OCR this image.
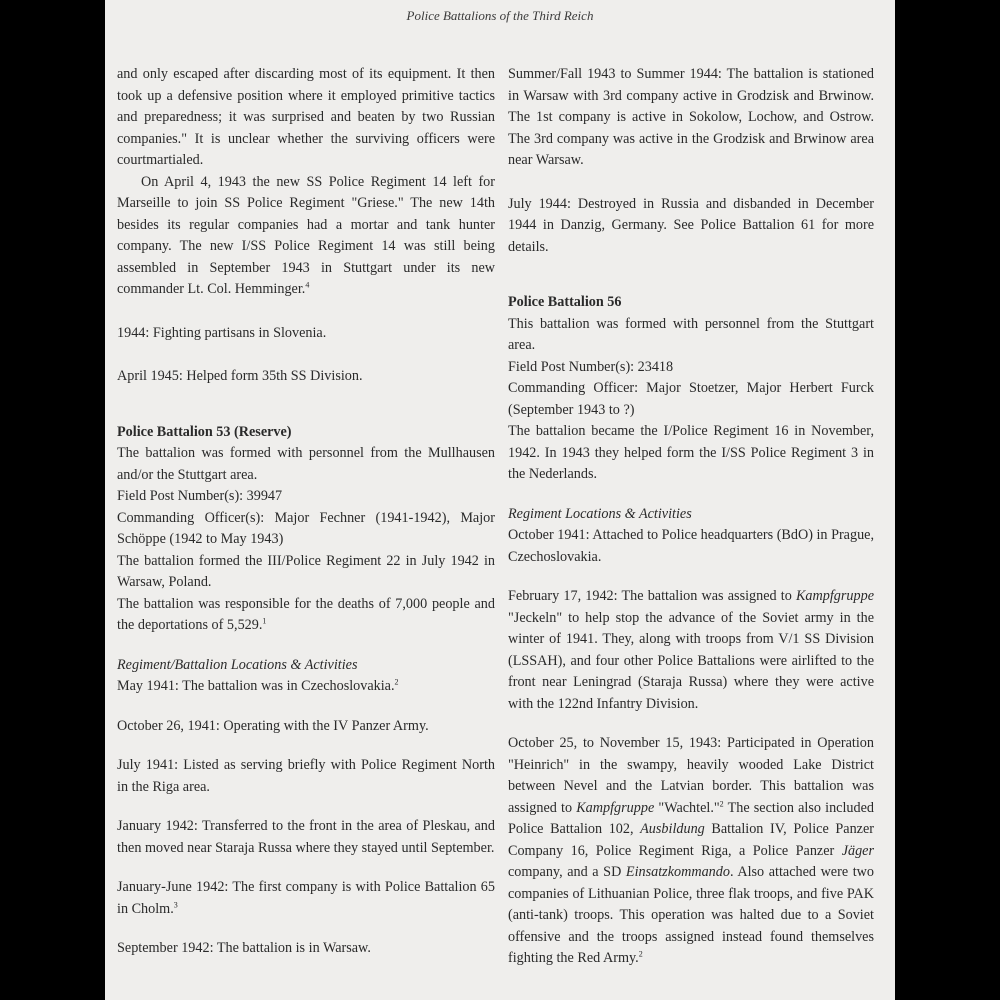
Police Battalions of the Third Reich

and only escaped after discarding most of its equipment. It then took up a defensive position where it employed primitive tactics and preparedness; it was surprised and beaten by two Russian companies." It is unclear whether the surviving officers were courtmartialed.

On April 4, 1943 the new SS Police Regiment 14 left for Marseille to join SS Police Regiment "Griese." The new 14th besides its regular companies had a mortar and tank hunter company. The new I/SS Police Regiment 14 was still being assembled in September 1943 in Stuttgart under its new commander Lt. Col. Hemminger.$^4$

1944: Fighting partisans in Slovenia.

April 1945: Helped form 35th SS Division.

Police Battalion 53 (Reserve)

The battalion was formed with personnel from the Mullhausen and/or the Stuttgart area.

Field Post Number(s): 39947

Commanding Officer(s): Major Fechner (1941-1942), Major Schöppe (1942 to May 1943)

The battalion formed the III/Police Regiment 22 in July 1942 in Warsaw, Poland.

The battalion was responsible for the deaths of 7,000 people and the deportations of 5,529.$^1$

Regiment/Battalion Locations & Activities

May 1941: The battalion was in Czechoslovakia.$^2$

October 26, 1941: Operating with the IV Panzer Army.

July 1941: Listed as serving briefly with Police Regiment North in the Riga area.

January 1942: Transferred to the front in the area of Pleskau, and then moved near Staraja Russa where they stayed until September.

January-June 1942: The first company is with Police Battalion 65 in Cholm.$^3$

September 1942: The battalion is in Warsaw.

Summer/Fall 1943 to Summer 1944: The battalion is stationed in Warsaw with 3rd company active in Grodzisk and Brwinow. The 1st company is active in Sokolow, Lochow, and Ostrow. The 3rd company was active in the Grodzisk and Brwinow area near Warsaw.

July 1944: Destroyed in Russia and disbanded in December 1944 in Danzig, Germany. See Police Battalion 61 for more details.

Police Battalion 56

This battalion was formed with personnel from the Stuttgart area.

Field Post Number(s): 23418

Commanding Officer: Major Stoetzer, Major Herbert Furck (September 1943 to ?)

The battalion became the I/Police Regiment 16 in November, 1942. In 1943 they helped form the I/SS Police Regiment 3 in the Nederlands.

Regiment Locations & Activities

October 1941: Attached to Police headquarters (BdO) in Prague, Czechoslovakia.

February 17, 1942: The battalion was assigned to Kampfgruppe "Jeckeln" to help stop the advance of the Soviet army in the winter of 1941. They, along with troops from V/1 SS Division (LSSAH), and four other Police Battalions were airlifted to the front near Leningrad (Staraja Russa) where they were active with the 122nd Infantry Division.

October 25, to November 15, 1943: Participated in Operation "Heinrich" in the swampy, heavily wooded Lake District between Nevel and the Latvian border. This battalion was assigned to Kampfgruppe "Wachtel."$^2$ The section also included Police Battalion 102, Ausbildung Battalion IV, Police Panzer Company 16, Police Regiment Riga, a Police Panzer Jäger company, and a SD Einsatzkommando. Also attached were two companies of Lithuanian Police, three flak troops, and five PAK (anti-tank) troops. This operation was halted due to a Soviet offensive and the troops assigned instead found themselves fighting the Red Army.$^2$
